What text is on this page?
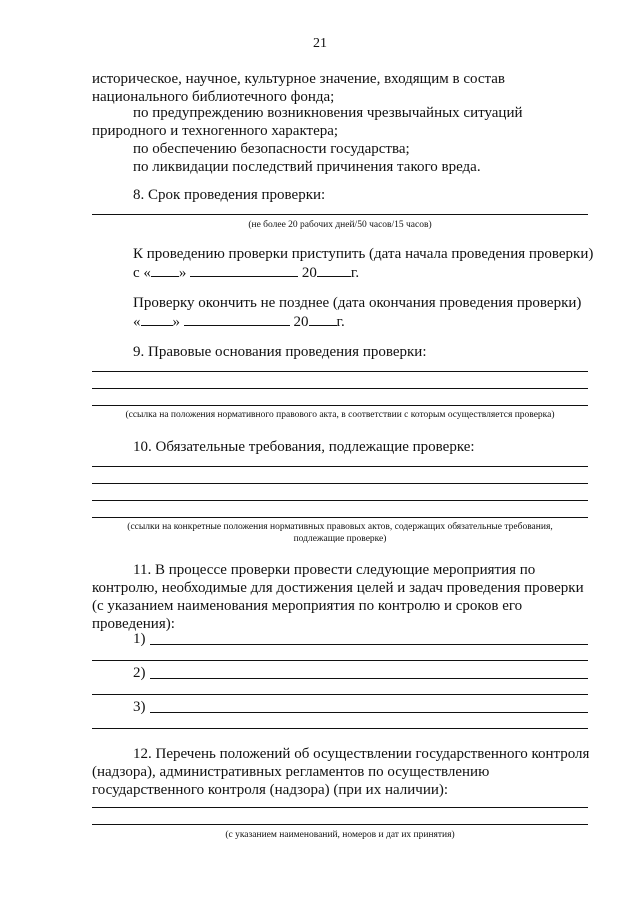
21
историческое, научное, культурное значение, входящим в состав
национального библиотечного фонда;
по предупреждению возникновения чрезвычайных ситуаций
природного и техногенного характера;
по обеспечению безопасности государства;
по ликвидации последствий причинения такого вреда.
8. Срок проведения проверки:
(не более 20 рабочих дней/50 часов/15 часов)
К проведению проверки приступить (дата начала проведения проверки)
с « »	20 г.
Проверку окончить не позднее (дата окончания проведения проверки)
« »	20 г.
9. Правовые основания проведения проверки:
(ссылка на положения нормативного правового акта, в соответствии с которым осуществляется проверка)
10. Обязательные требования, подлежащие проверке:
(ссылки на конкретные положения нормативных правовых актов, содержащих обязательные требования,
подлежащие проверке)
11. В процессе проверки провести следующие мероприятия по
контролю, необходимые для достижения целей и задач проведения проверки
(с указанием наименования мероприятия по контролю и сроков его
проведения):
1)
2)
3)
12. Перечень положений об осуществлении государственного контроля
(надзора), административных регламентов по осуществлению
государственного контроля (надзора) (при их наличии):
(с указанием наименований, номеров и дат их принятия)
